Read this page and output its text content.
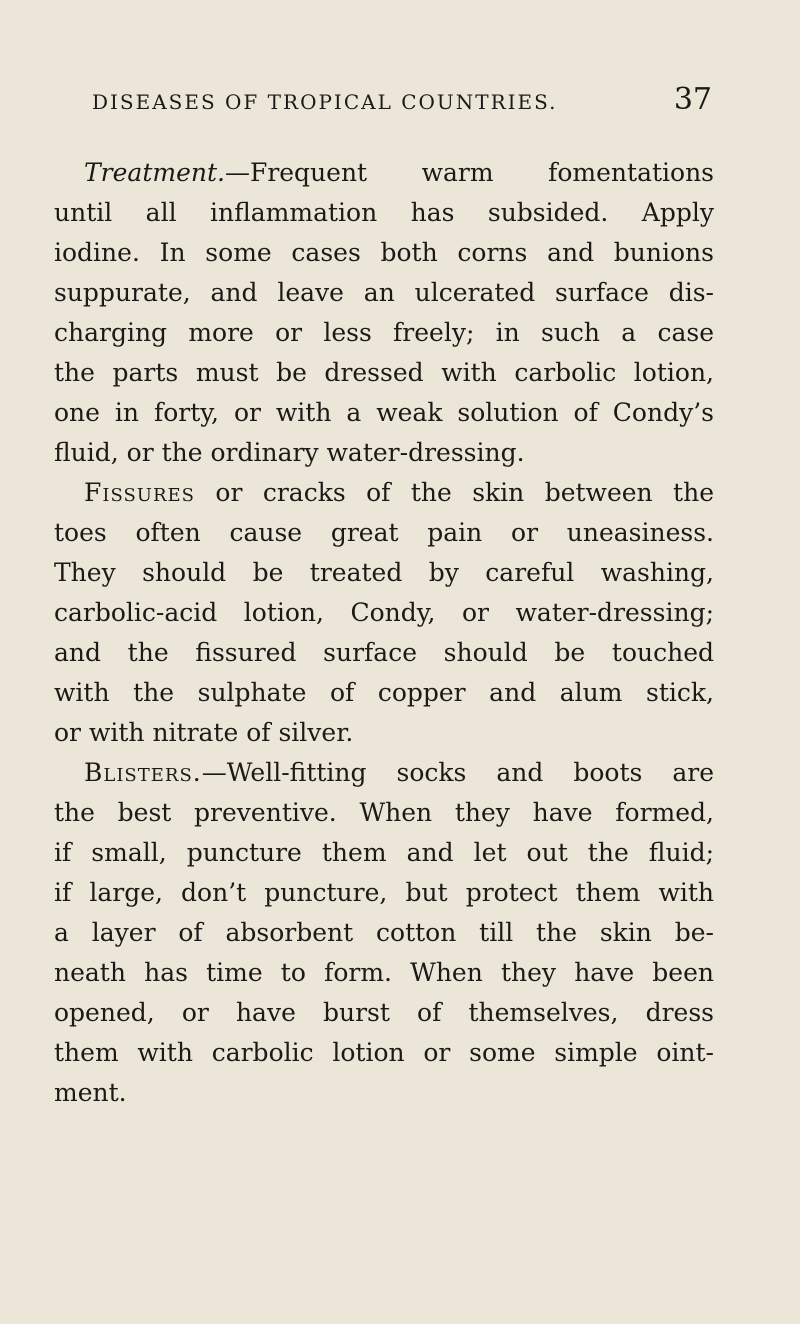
DISEASES OF TROPICAL COUNTRIES.	37
Treatment.—Frequent warm fomentations
until all inflammation has subsided. Apply
iodine. In some cases both corns and bunions
suppurate, and leave an ulcerated surface dis-
charging more or less freely; in such a case
the parts must be dressed with carbolic lotion,
one in forty, or with a weak solution of Condy’s
fluid, or the ordinary water-dressing.
Fissures or cracks of the skin between the
toes often cause great pain or uneasiness.
They should be treated by careful washing,
carbolic-acid lotion, Condy, or water-dressing;
and the fissured surface should be touched
with the sulphate of copper and alum stick,
or with nitrate of silver.
Blisters.—Well-fitting socks and boots are
the best preventive. When they have formed,
if small, puncture them and let out the fluid;
if large, don’t puncture, but protect them with
a layer of absorbent cotton till the skin be-
neath has time to form. When they have been
opened, or have burst of themselves, dress
them with carbolic lotion or some simple oint-
ment.
